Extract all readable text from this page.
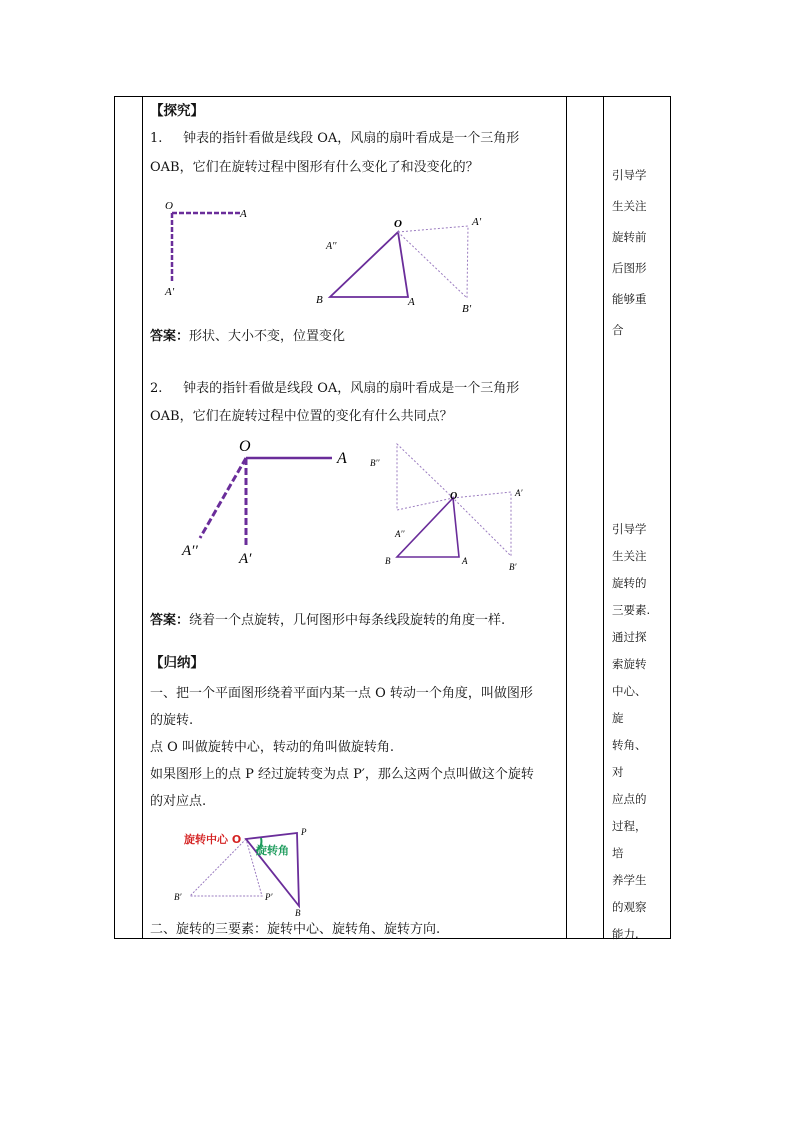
【探究】
1. 钟表的指针看做是线段 OA，风扇的扇叶看成是一个三角形
OAB，它们在旋转过程中图形有什么变化了和没变化的？
O
A
A′
O	A′
A′′
B	A
B′
答案：形状、大小不变，位置变化
2. 钟表的指针看做是线段 OA，风扇的扇叶看成是一个三角形
OAB，它们在旋转过程中位置的变化有什么共同点？
O
A
A′′	A′
B′′
O	A′
A′′
B	A
B′
答案：绕着一个点旋转，几何图形中每条线段旋转的角度一样.
【归纳】
一、把一个平面图形绕着平面内某一点 O 转动一个角度，叫做图形
的旋转.
点 O 叫做旋转中心，转动的角叫做旋转角.
如果图形上的点 P 经过旋转变为点 P′，那么这两个点叫做这个旋转
的对应点.
旋转中心 O
旋转角
P
B′	P′
B
二、旋转的三要素：旋转中心、旋转角、旋转方向.
引导学
生关注
旋转前
后图形
能够重
合
引导学
生关注
旋转的
三要素.
通过探
索旋转
中心、旋
转角、对
应点的
过程，培
养学生
的观察
能力.
